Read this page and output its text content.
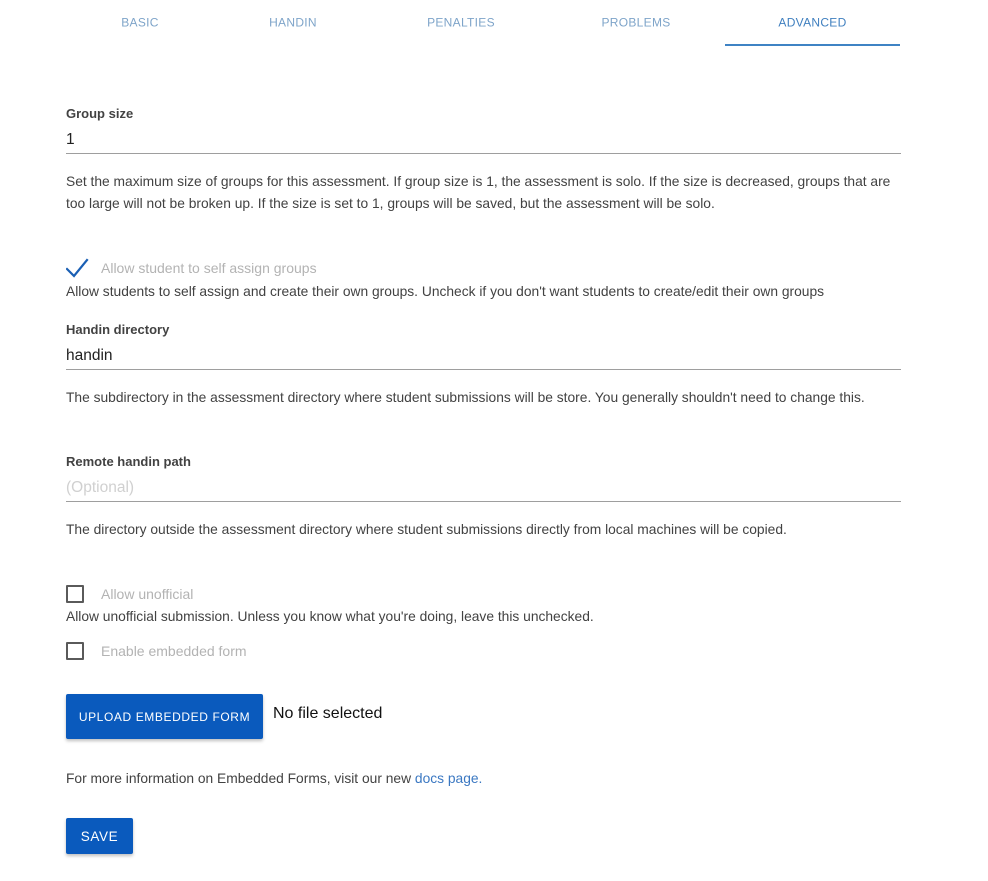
BASIC	HANDIN	PENALTIES	PROBLEMS	ADVANCED
Group size
1
Set the maximum size of groups for this assessment. If group size is 1, the assessment is solo. If the size is decreased, groups that are too large will not be broken up. If the size is set to 1, groups will be saved, but the assessment will be solo.
Allow student to self assign groups
Allow students to self assign and create their own groups. Uncheck if you don't want students to create/edit their own groups
Handin directory
handin
The subdirectory in the assessment directory where student submissions will be store. You generally shouldn't need to change this.
Remote handin path
(Optional)
The directory outside the assessment directory where student submissions directly from local machines will be copied.
Allow unofficial
Allow unofficial submission. Unless you know what you're doing, leave this unchecked.
Enable embedded form
UPLOAD EMBEDDED FORM	No file selected
For more information on Embedded Forms, visit our new docs page.
SAVE
